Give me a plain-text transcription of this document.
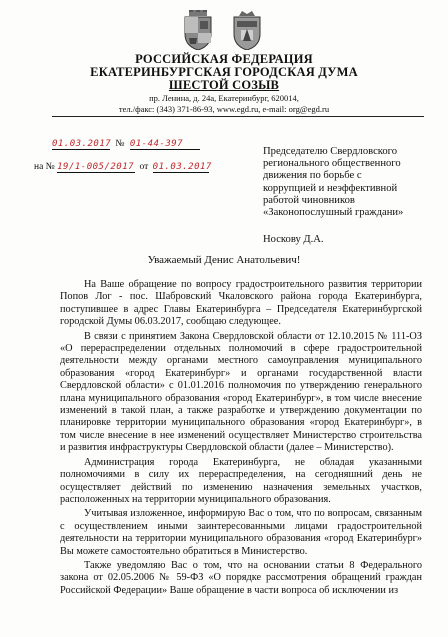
РОССИЙСКАЯ ФЕДЕРАЦИЯ
ЕКАТЕРИНБУРГСКАЯ ГОРОДСКАЯ ДУМА
ШЕСТОЙ СОЗЫВ
пр. Ленина, д. 24а, Екатеринбург, 620014,
тел./факс: (343) 371-86-93, www.egd.ru, e-mail: org@egd.ru
01.03.2017 № 01-44-397
на № 19/1-005/2017 от 01.03.2017
Председателю Свердловского
регионального общественного
движения по борьбе с
коррупцией и неэффективной
работой чиновников
«Законопослушный граждани»
Носкову Д.А.
Уважаемый Денис Анатольевич!

На Ваше обращение по вопросу градостроительного развития территории Попов Лог - пос. Шабровский Чкаловского района города Екатеринбурга, поступившее в адрес Главы Екатеринбурга – Председателя Екатеринбургской городской Думы 06.03.2017, сообщаю следующее.

В связи с принятием Закона Свердловской области от 12.10.2015 № 111-ОЗ «О перераспределении отдельных полномочий в сфере градостроительной деятельности между органами местного самоуправления муниципального образования «город Екатеринбург» и органами государственной власти Свердловской области» с 01.01.2016 полномочия по утверждению генерального плана муниципального образования «город Екатеринбург», в том числе внесение изменений в такой план, а также разработке и утверждению документации по планировке территории муниципального образования «город Екатеринбург», в том числе внесение в нее изменений осуществляет Министерство строительства и развития инфраструктуры Свердловской области (далее – Министерство).

Администрация города Екатеринбурга, не обладая указанными полномочиями в силу их перераспределения, на сегодняшний день не осуществляет действий по изменению назначения земельных участков, расположенных на территории муниципального образования.

Учитывая изложенное, информирую Вас о том, что по вопросам, связанным с осуществлением иными заинтересованными лицами градостроительной деятельности на территории муниципального образования «город Екатеринбург» Вы можете самостоятельно обратиться в Министерство.

Также уведомляю Вас о том, что на основании статьи 8 Федерального закона от 02.05.2006 № 59-ФЗ «О порядке рассмотрения обращений граждан Российской Федерации» Ваше обращение в части вопроса об исключении из
